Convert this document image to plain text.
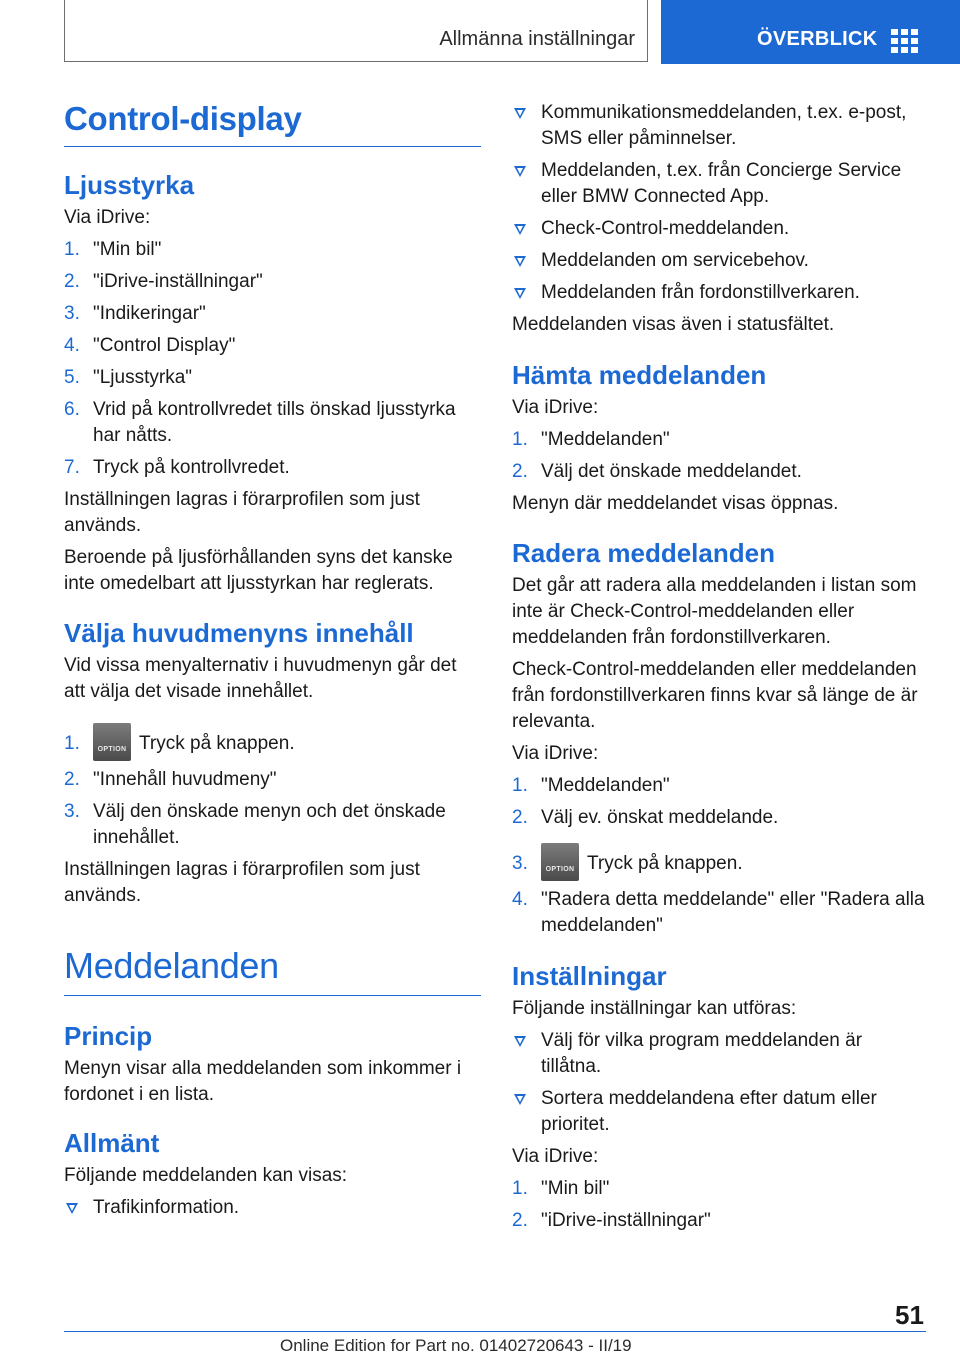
Allmänna inställningar	ÖVERBLICK
Control-display
Ljusstyrka

Via iDrive:

1. "Min bil"
2. "iDrive-inställningar"
3. "Indikeringar"
4. "Control Display"
5. "Ljusstyrka"
6. Vrid på kontrollvredet tills önskad ljusstyrka har nåtts.
7. Tryck på kontrollvredet.

Inställningen lagras i förarprofilen som just används.

Beroende på ljusförhållanden syns det kanske inte omedelbart att ljusstyrkan har reglerats.

Välja huvudmenyns innehåll

Vid vissa menyalternativ i huvudmenyn går det att välja det visade innehållet.

1.	OPTION Tryck på knappen.
2. "Innehåll huvudmeny"
3. Välj den önskade menyn och det önskade innehållet.

Inställningen lagras i förarprofilen som just används.

Meddelanden
Princip

Menyn visar alla meddelanden som inkommer i fordonet i en lista.

Allmänt

Följande meddelanden kan visas:

Trafikinformation.
Kommunikationsmeddelanden, t.ex. e-post, SMS eller påminnelser.
Meddelanden, t.ex. från Concierge Service eller BMW Connected App.
Check-Control-meddelanden.
Meddelanden om servicebehov.
Meddelanden från fordonstillverkaren.

Meddelanden visas även i statusfältet.

Hämta meddelanden

Via iDrive:

1. "Meddelanden"
2. Välj det önskade meddelandet.

Menyn där meddelandet visas öppnas.

Radera meddelanden

Det går att radera alla meddelanden i listan som inte är Check-Control-meddelanden eller meddelanden från fordonstillverkaren.

Check-Control-meddelanden eller meddelanden från fordonstillverkaren finns kvar så länge de är relevanta.

Via iDrive:

1. "Meddelanden"
2. Välj ev. önskat meddelande.
3.	OPTION Tryck på knappen.
4. "Radera detta meddelande" eller "Radera alla meddelanden"
Inställningar

Följande inställningar kan utföras:

Välj för vilka program meddelanden är tillåtna.
Sortera meddelandena efter datum eller prioritet.

Via iDrive:

1. "Min bil"
2. "iDrive-inställningar"
51
Online Edition for Part no. 01402720643 - II/19
